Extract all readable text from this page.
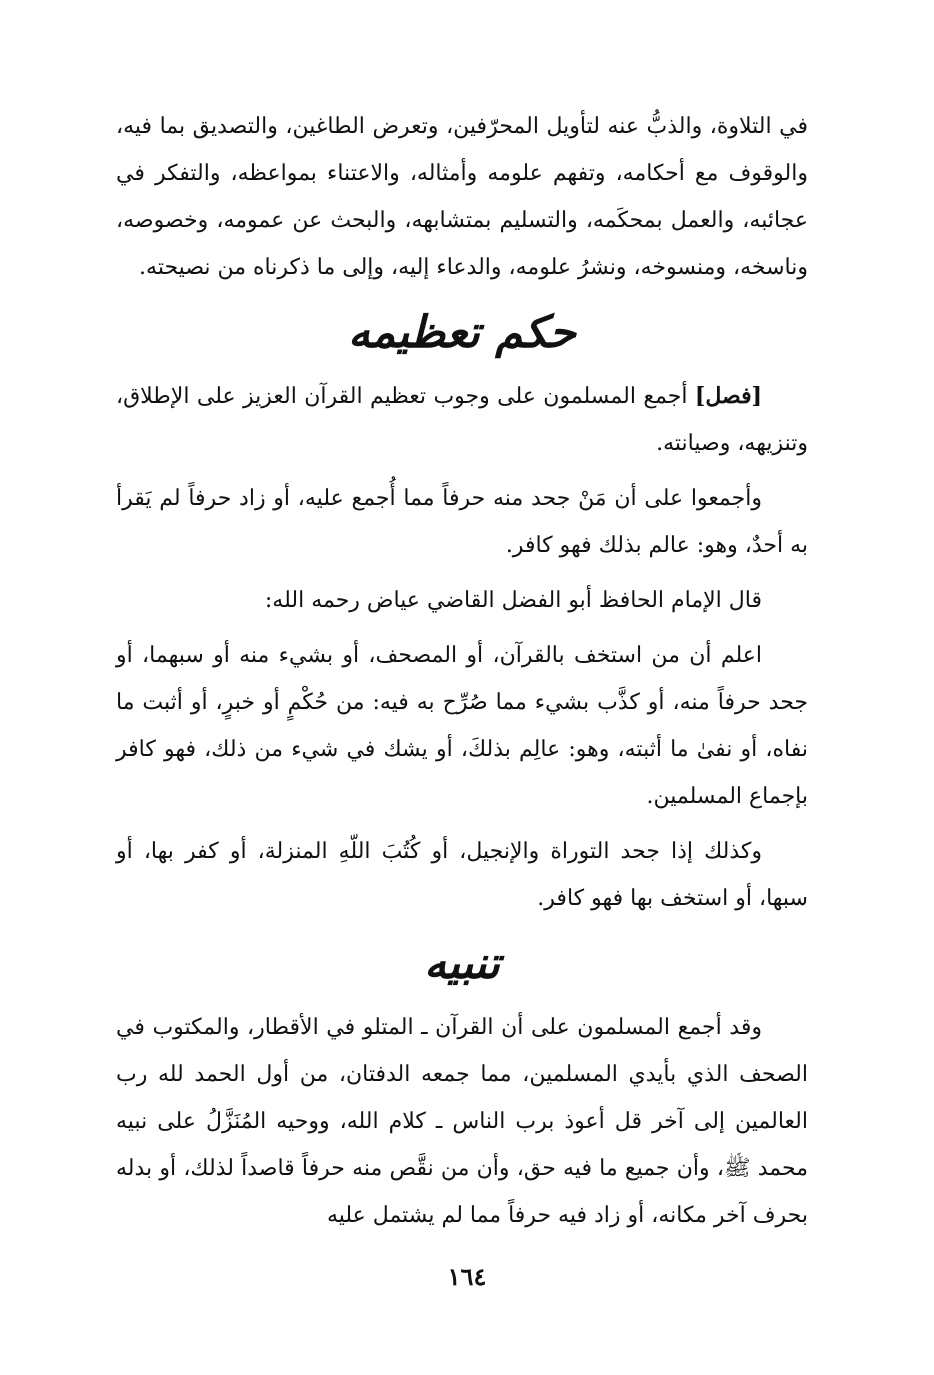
في التلاوة، والذبُّ عنه لتأويل المحرّفين، وتعرض الطاغين، والتصديق بما فيه، والوقوف مع أحكامه، وتفهم علومه وأمثاله، والاعتناء بمواعظه، والتفكر في عجائبه، والعمل بمحكَمه، والتسليم بمتشابهه، والبحث عن عمومه، وخصوصه، وناسخه، ومنسوخه، ونشرُ علومه، والدعاء إليه، وإلى ما ذكرناه من نصيحته.

حكم تعظيمه

[فصل] أجمع المسلمون على وجوب تعظيم القرآن العزيز على الإطلاق، وتنزيهه، وصيانته.

وأجمعوا على أن مَنْ جحد منه حرفاً مما أُجمع عليه، أو زاد حرفاً لم يَقرأ به أحدٌ، وهو: عالم بذلك فهو كافر.

قال الإمام الحافظ أبو الفضل القاضي عياض رحمه الله:

اعلم أن من استخف بالقرآن، أو المصحف، أو بشيء منه أو سبهما، أو جحد حرفاً منه، أو كذَّب بشيء مما صُرِّح به فيه: من حُكْمٍ أو خبرٍ، أو أثبت ما نفاه، أو نفىٰ ما أثبته، وهو: عالِم بذلكَ، أو يشك في شيء من ذلك، فهو كافر بإجماع المسلمين.

وكذلك إذا جحد التوراة والإنجيل، أو كُتُبَ اللّهِ المنزلة، أو كفر بها، أو سبها، أو استخف بها فهو كافر.

تنبيه

وقد أجمع المسلمون على أن القرآن ـ المتلو في الأقطار، والمكتوب في الصحف الذي بأيدي المسلمين، مما جمعه الدفتان، من أول الحمد لله رب العالمين إلى آخر قل أعوذ برب الناس ـ كلام الله، ووحيه المُنَزَّلُ على نبيه محمد ﷺ، وأن جميع ما فيه حق، وأن من نقَّص منه حرفاً قاصداً لذلك، أو بدله بحرف آخر مكانه، أو زاد فيه حرفاً مما لم يشتمل عليه

١٦٤
